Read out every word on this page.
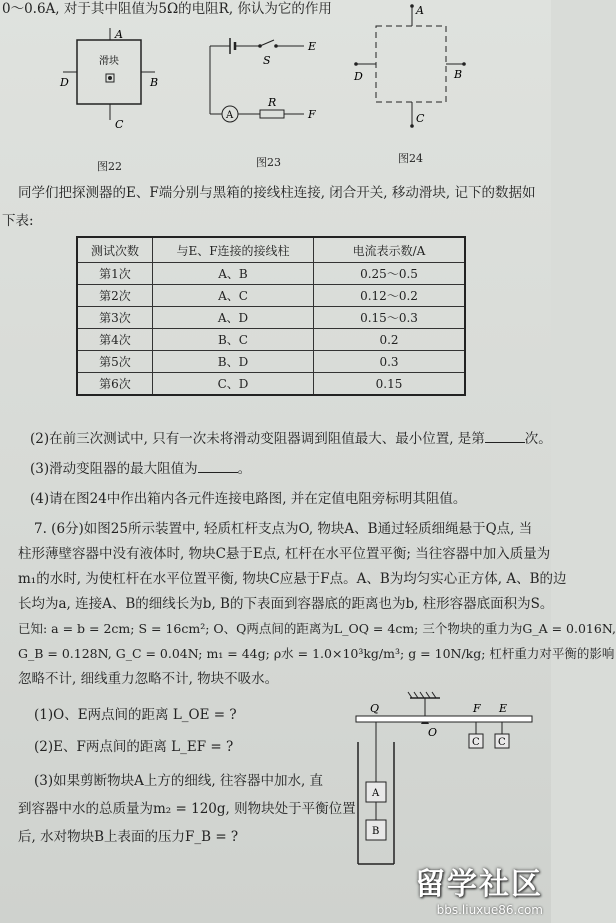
0～0.6A, 对于其中阻值为5Ω的电阻R, 你认为它的作用
A
滑块
D	B
C
图22
S
E
A
R
F
图23
A
D	B
C
图24
同学们把探测器的E、F端分别与黑箱的接线柱连接, 闭合开关, 移动滑块, 记下的数据如
下表:
测试次数	与E、F连接的接线柱	电流表示数/A
第1次	A、B	0.25～0.5
第2次	A、C	0.12～0.2
第3次	A、D	0.15～0.3
第4次	B、C	0.2
第5次	B、D	0.3
第6次	C、D	0.15
(2)在前三次测试中, 只有一次未将滑动变阻器调到阻值最大、最小位置, 是第	次。
(3)滑动变阻器的最大阻值为	。
(4)请在图24中作出箱内各元件连接电路图, 并在定值电阻旁标明其阻值。
7. (6分)如图25所示装置中, 轻质杠杆支点为O, 物块A、B通过轻质细绳悬于Q点, 当
柱形薄壁容器中没有液体时, 物块C悬于E点, 杠杆在水平位置平衡; 当往容器中加入质量为
m₁的水时, 为使杠杆在水平位置平衡, 物块C应悬于F点。A、B为均匀实心正方体, A、B的边
长均为a, 连接A、B的细线长为b, B的下表面到容器底的距离也为b, 柱形容器底面积为S。
已知: a = b = 2cm; S = 16cm²; O、Q两点间的距离为L_OQ = 4cm; 三个物块的重力为G_A = 0.016N,
G_B = 0.128N, G_C = 0.04N; m₁ = 44g; ρ水 = 1.0×10³kg/m³; g = 10N/kg; 杠杆重力对平衡的影响
忽略不计, 细线重力忽略不计, 物块不吸水。
(1)O、E两点间的距离 L_OE = ?
(2)E、F两点间的距离 L_EF = ?
(3)如果剪断物块A上方的细线, 往容器中加水, 直
到容器中水的总质量为m₂ = 120g, 则物块处于平衡位置
后, 水对物块B上表面的压力F_B = ?
Q
O
F E
A
B
C C
留学社区
bbs.liuxue86.com
